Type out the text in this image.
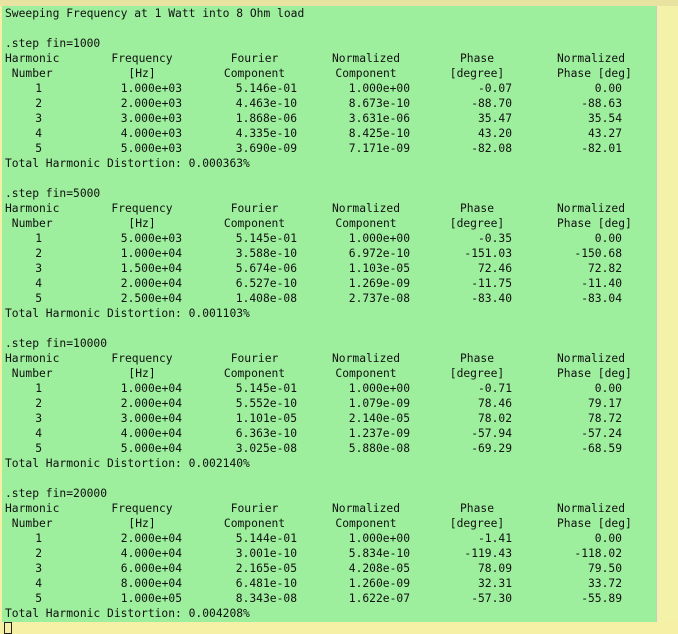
Sweeping Frequency at 1 Watt into 8 Ohm load
.step fin=1000
Harmonic	Frequency	Fourier	Normalized	Phase	Normalized
Number	[Hz]	Component	Component	[degree]	Phase [deg]
1	1.000e+03	5.146e-01	1.000e+00	-0.07	0.00
2	2.000e+03	4.463e-10	8.673e-10	-88.70	-88.63
3	3.000e+03	1.868e-06	3.631e-06	35.47	35.54
4	4.000e+03	4.335e-10	8.425e-10	43.20	43.27
5	5.000e+03	3.690e-09	7.171e-09	-82.08	-82.01
Total Harmonic Distortion: 0.000363%
.step fin=5000
Harmonic	Frequency	Fourier	Normalized	Phase	Normalized
Number	[Hz]	Component	Component	[degree]	Phase [deg]
1	5.000e+03	5.145e-01	1.000e+00	-0.35	0.00
2	1.000e+04	3.588e-10	6.972e-10	-151.03	-150.68
3	1.500e+04	5.674e-06	1.103e-05	72.46	72.82
4	2.000e+04	6.527e-10	1.269e-09	-11.75	-11.40
5	2.500e+04	1.408e-08	2.737e-08	-83.40	-83.04
Total Harmonic Distortion: 0.001103%
.step fin=10000
Harmonic	Frequency	Fourier	Normalized	Phase	Normalized
Number	[Hz]	Component	Component	[degree]	Phase [deg]
1	1.000e+04	5.145e-01	1.000e+00	-0.71	0.00
2	2.000e+04	5.552e-10	1.079e-09	78.46	79.17
3	3.000e+04	1.101e-05	2.140e-05	78.02	78.72
4	4.000e+04	6.363e-10	1.237e-09	-57.94	-57.24
5	5.000e+04	3.025e-08	5.880e-08	-69.29	-68.59
Total Harmonic Distortion: 0.002140%
.step fin=20000
Harmonic	Frequency	Fourier	Normalized	Phase	Normalized
Number	[Hz]	Component	Component	[degree]	Phase [deg]
1	2.000e+04	5.144e-01	1.000e+00	-1.41	0.00
2	4.000e+04	3.001e-10	5.834e-10	-119.43	-118.02
3	6.000e+04	2.165e-05	4.208e-05	78.09	79.50
4	8.000e+04	6.481e-10	1.260e-09	32.31	33.72
5	1.000e+05	8.343e-08	1.622e-07	-57.30	-55.89
Total Harmonic Distortion: 0.004208%
